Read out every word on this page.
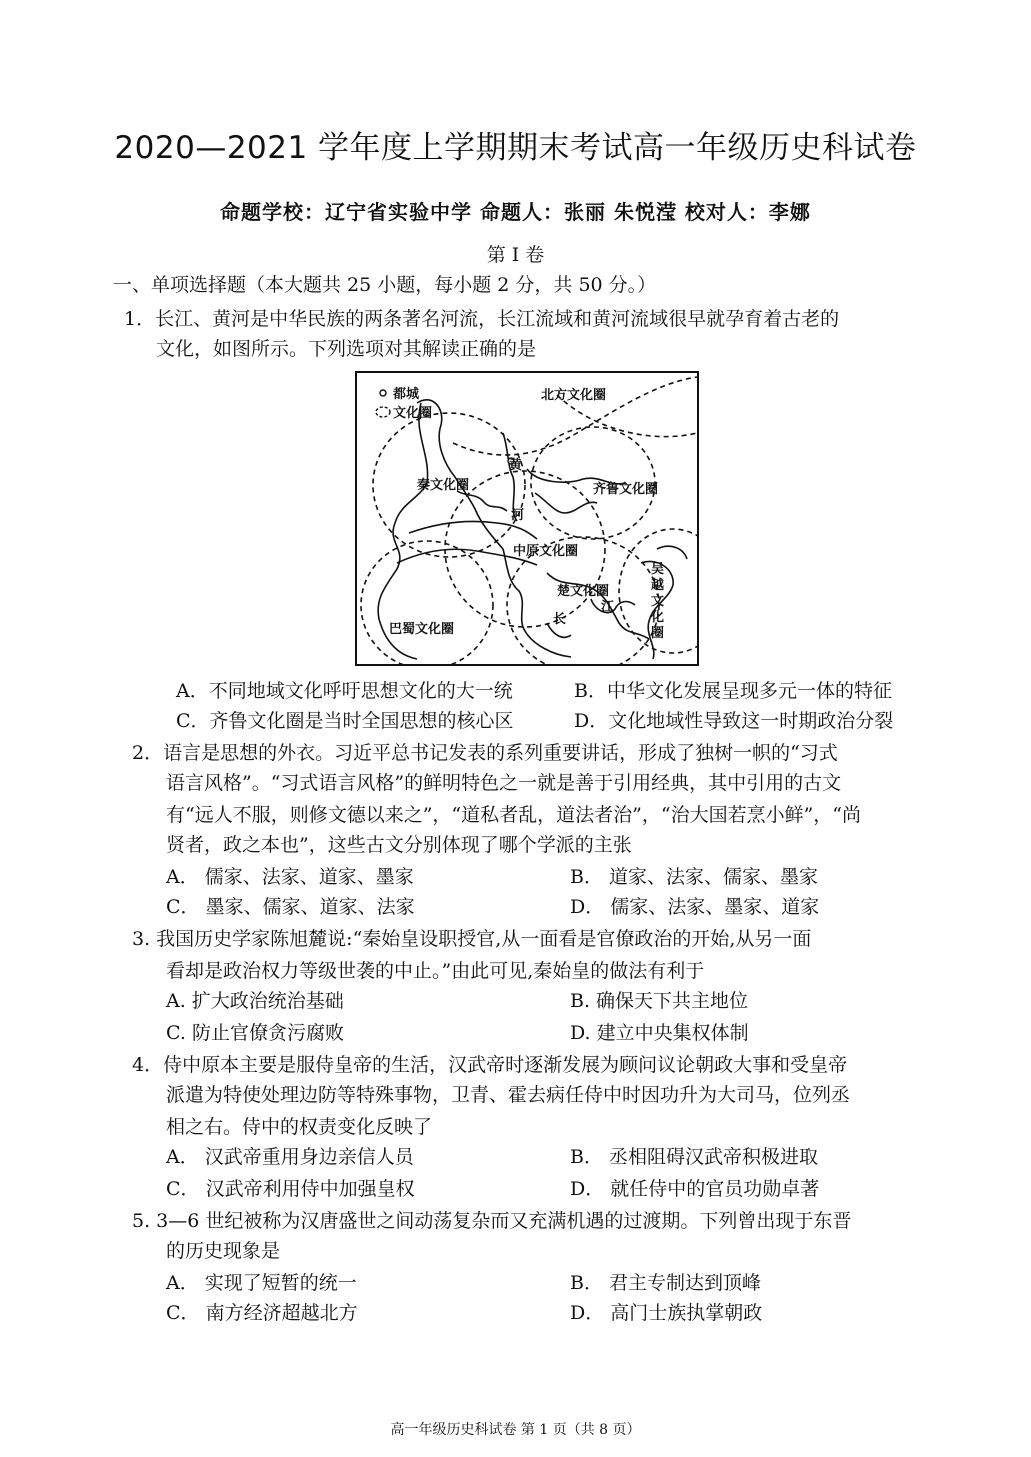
2020—2021 学年度上学期期末考试高一年级历史科试卷
命题学校：辽宁省实验中学 命题人：张丽 朱悦滢 校对人：李娜
第 I 卷
一、单项选择题（本大题共 25 小题，每小题 2 分，共 50 分。）
1．长江、黄河是中华民族的两条著名河流，长江流域和黄河流域很早就孕育着古老的
文化，如图所示。下列选项对其解读正确的是
都城
文化圈
北方文化圈
秦文化圈	齐鲁文化圈
中原文化圈
楚文化圈
巴蜀文化圈
吴
越
文
化
圈
黄
河
长
江
A．不同地域文化呼吁思想文化的大一统	B．中华文化发展呈现多元一体的特征
C．齐鲁文化圈是当时全国思想的核心区	D．文化地域性导致这一时期政治分裂
2．语言是思想的外衣。习近平总书记发表的系列重要讲话，形成了独树一帜的“习式
语言风格”。“习式语言风格”的鲜明特色之一就是善于引用经典，其中引用的古文
有“远人不服，则修文德以来之”，“道私者乱，道法者治”，“治大国若烹小鲜”，“尚
贤者，政之本也”，这些古文分别体现了哪个学派的主张
A． 儒家、法家、道家、墨家	B． 道家、法家、儒家、墨家
C． 墨家、儒家、道家、法家	D． 儒家、法家、墨家、道家
3. 我国历史学家陈旭麓说:“秦始皇设职授官,从一面看是官僚政治的开始,从另一面
看却是政治权力等级世袭的中止。”由此可见,秦始皇的做法有利于
A. 扩大政治统治基础	B. 确保天下共主地位
C. 防止官僚贪污腐败	D. 建立中央集权体制
4．侍中原本主要是服侍皇帝的生活，汉武帝时逐渐发展为顾问议论朝政大事和受皇帝
派遣为特使处理边防等特殊事物，卫青、霍去病任侍中时因功升为大司马，位列丞
相之右。侍中的权责变化反映了
A． 汉武帝重用身边亲信人员	B． 丞相阻碍汉武帝积极进取
C． 汉武帝利用侍中加强皇权	D． 就任侍中的官员功勋卓著
5. 3—6 世纪被称为汉唐盛世之间动荡复杂而又充满机遇的过渡期。下列曾出现于东晋
的历史现象是
A． 实现了短暂的统一	B． 君主专制达到顶峰
C． 南方经济超越北方	D． 高门士族执掌朝政
高一年级历史科试卷 第 1 页（共 8 页）
